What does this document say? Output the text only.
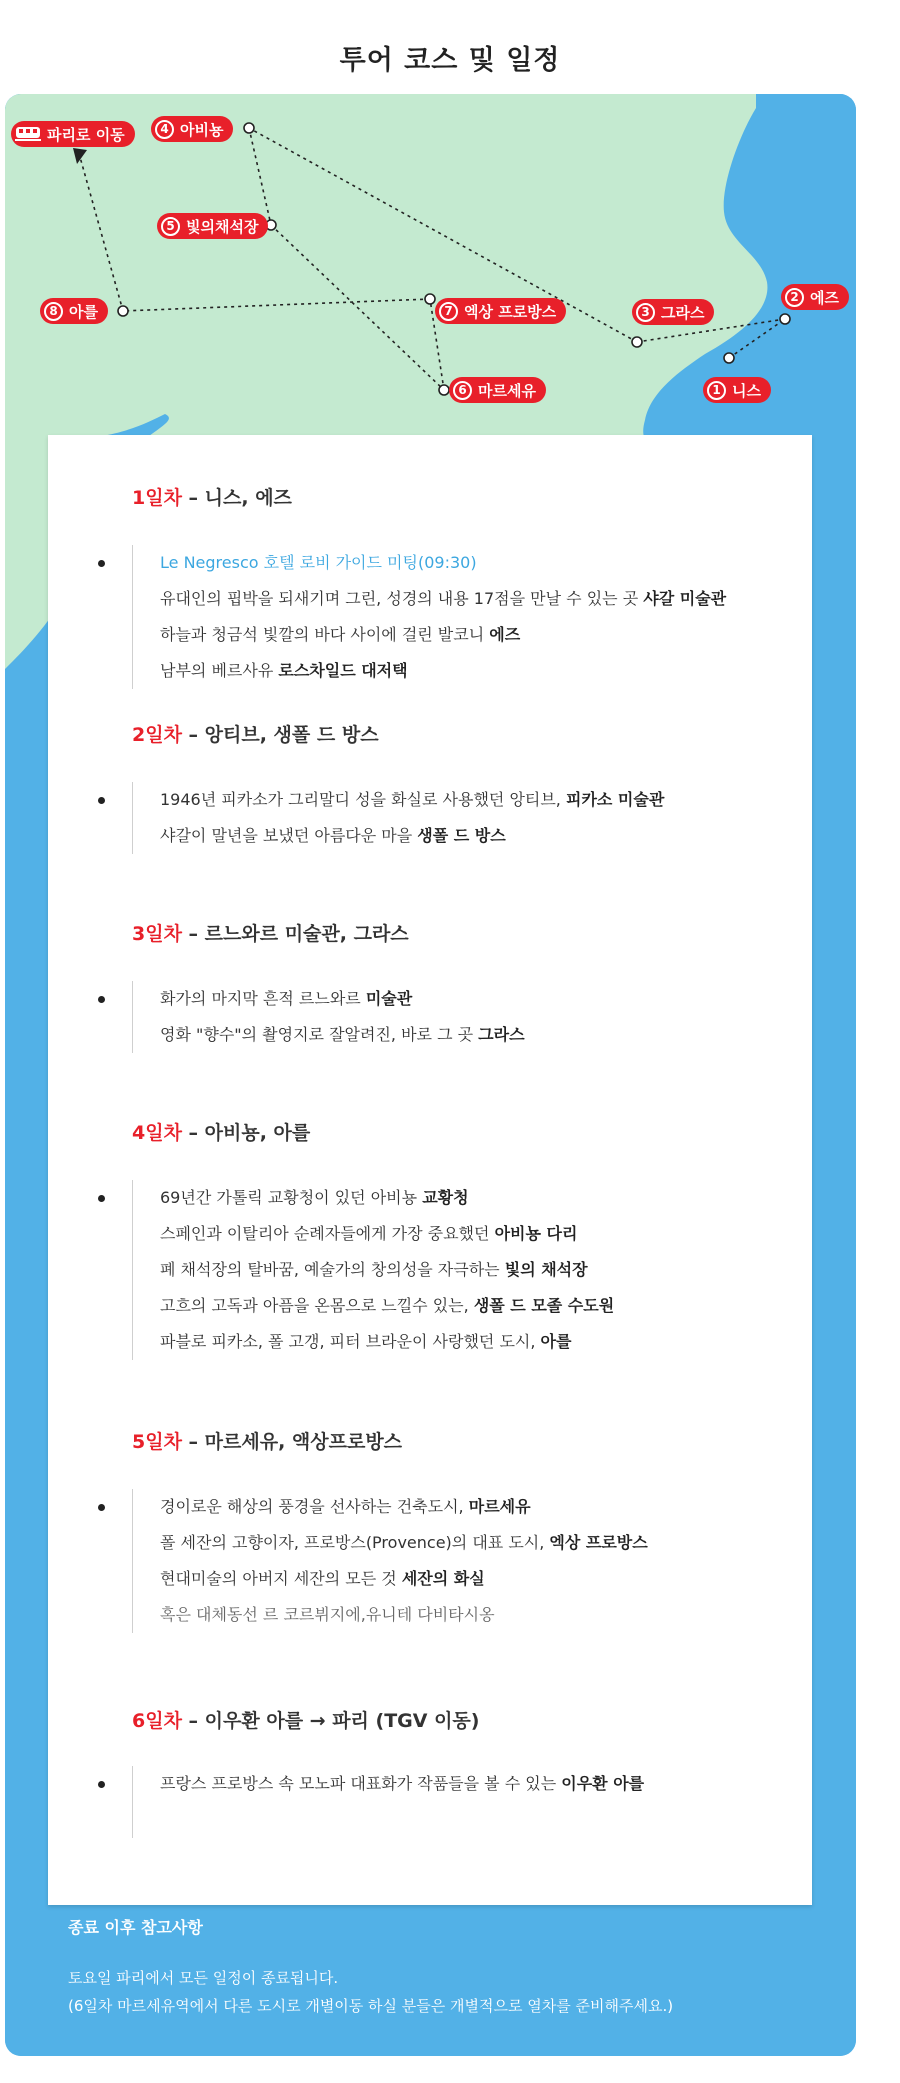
투어 코스 및 일정
파리로 이동	4 아비뇽
5 빛의채석장
8 아를	7 엑상 프로방스
6 마르세유
3 그라스
2 에즈
1 니스
1일차 – 니스, 에즈
Le Negresco 호텔 로비 가이드 미팅(09:30)
유대인의 핍박을 되새기며 그린, 성경의 내용 17점을 만날 수 있는 곳 샤갈 미술관
하늘과 청금석 빛깔의 바다 사이에 걸린 발코니 에즈
남부의 베르사유 로스차일드 대저택
2일차 – 앙티브, 생폴 드 방스
1946년 피카소가 그리말디 성을 화실로 사용했던 앙티브, 피카소 미술관
샤갈이 말년을 보냈던 아름다운 마을 생폴 드 방스
3일차 – 르느와르 미술관, 그라스
화가의 마지막 흔적 르느와르 미술관
영화 "향수"의 촬영지로 잘알려진, 바로 그 곳 그라스
4일차 – 아비뇽, 아를
69년간 가톨릭 교황청이 있던 아비뇽 교황청
스페인과 이탈리아 순례자들에게 가장 중요했던 아비뇽 다리
폐 채석장의 탈바꿈, 예술가의 창의성을 자극하는 빛의 채석장
고흐의 고독과 아픔을 온몸으로 느낄수 있는, 생폴 드 모졸 수도원
파블로 피카소, 폴 고갱, 피터 브라운이 사랑했던 도시, 아를
5일차 – 마르세유, 액상프로방스
경이로운 해상의 풍경을 선사하는 건축도시, 마르세유
폴 세잔의 고향이자, 프로방스(Provence)의 대표 도시, 엑상 프로방스
현대미술의 아버지 세잔의 모든 것 세잔의 화실
혹은 대체동선 르 코르뷔지에,유니테 다비타시옹
6일차 – 이우환 아를 → 파리 (TGV 이동)
프랑스 프로방스 속 모노파 대표화가 작품들을 볼 수 있는 이우환 아를

종료 이후 참고사항

토요일 파리에서 모든 일정이 종료됩니다.
(6일차 마르세유역에서 다른 도시로 개별이동 하실 분들은 개별적으로 열차를 준비해주세요.)
